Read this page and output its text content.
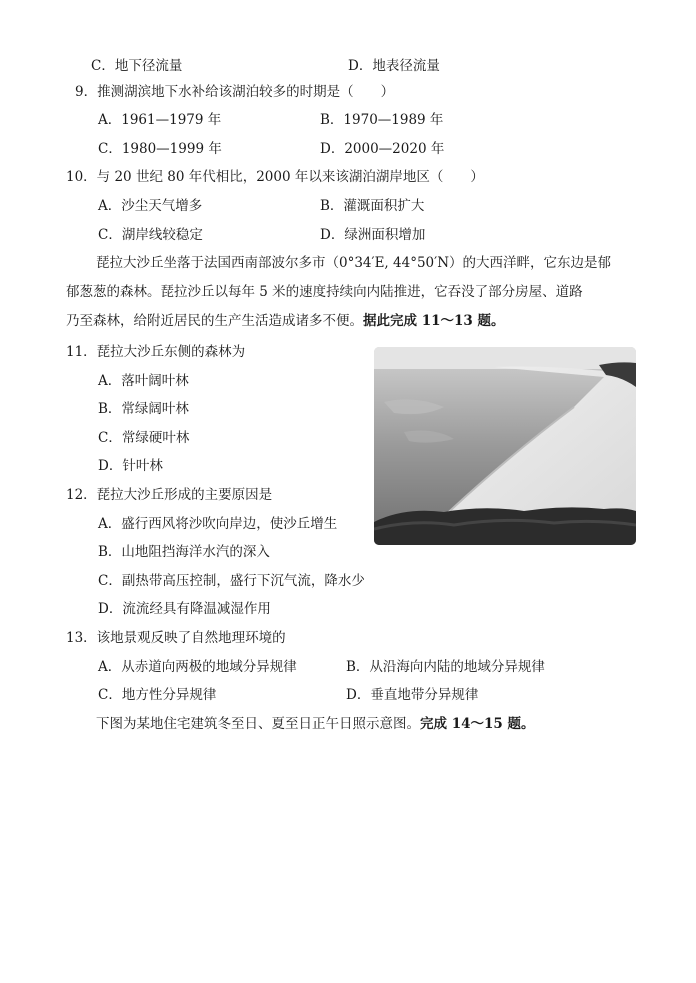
C．地下径流量	D．地表径流量
9．推测湖滨地下水补给该湖泊较多的时期是（　　）
A．1961—1979 年	B．1970—1989 年
C．1980—1999 年	D．2000—2020 年
10．与 20 世纪 80 年代相比，2000 年以来该湖泊湖岸地区（　　）
A．沙尘天气增多	B．灌溉面积扩大
C．湖岸线较稳定	D．绿洲面积增加
琵拉大沙丘坐落于法国西南部波尔多市（0°34′E, 44°50′N）的大西洋畔，它东边是郁
郁葱葱的森林。琵拉沙丘以每年 5 米的速度持续向内陆推进，它吞没了部分房屋、道路
乃至森林，给附近居民的生产生活造成诸多不便。据此完成 11～13 题。
11．琵拉大沙丘东侧的森林为
A．落叶阔叶林
B．常绿阔叶林
C．常绿硬叶林
D．针叶林
12．琵拉大沙丘形成的主要原因是
A．盛行西风将沙吹向岸边，使沙丘增生
B．山地阻挡海洋水汽的深入
C．副热带高压控制，盛行下沉气流，降水少
D．流流经具有降温减湿作用
13．该地景观反映了自然地理环境的
A．从赤道向两极的地域分异规律	B．从沿海向内陆的地域分异规律
C．地方性分异规律	D．垂直地带分异规律
下图为某地住宅建筑冬至日、夏至日正午日照示意图。完成 14～15 题。
